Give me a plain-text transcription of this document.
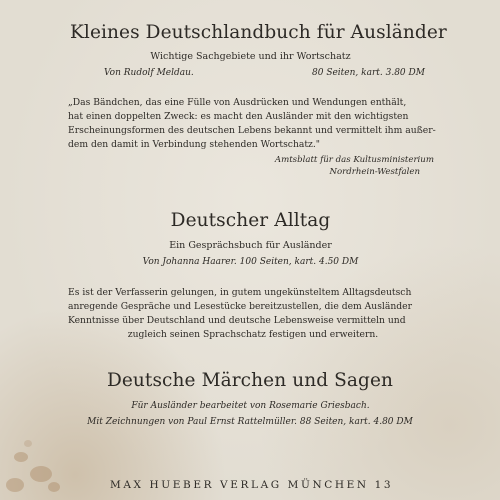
Kleines Deutschlandbuch für Ausländer
Wichtige Sachgebiete und ihr Wortschatz
Von Rudolf Meldau.	80 Seiten, kart. 3.80 DM
„Das Bändchen, das eine Fülle von Ausdrücken und Wendungen enthält,
hat einen doppelten Zweck: es macht den Ausländer mit den wichtigsten
Erscheinungsformen des deutschen Lebens bekannt und vermittelt ihm außer-
dem den damit in Verbindung stehenden Wortschatz."
Amtsblatt für das Kultusministerium
Nordrhein-Westfalen
Deutscher Alltag
Ein Gesprächsbuch für Ausländer
Von Johanna Haarer. 100 Seiten, kart. 4.50 DM
Es ist der Verfasserin gelungen, in gutem ungekünsteltem Alltagsdeutsch
anregende Gespräche und Lesestücke bereitzustellen, die dem Ausländer
Kenntnisse über Deutschland und deutsche Lebensweise vermitteln und
zugleich seinen Sprachschatz festigen und erweitern.
Deutsche Märchen und Sagen
Für Ausländer bearbeitet von Rosemarie Griesbach.
Mit Zeichnungen von Paul Ernst Rattelmüller. 88 Seiten, kart. 4.80 DM
MAX HUEBER VERLAG MÜNCHEN 13
